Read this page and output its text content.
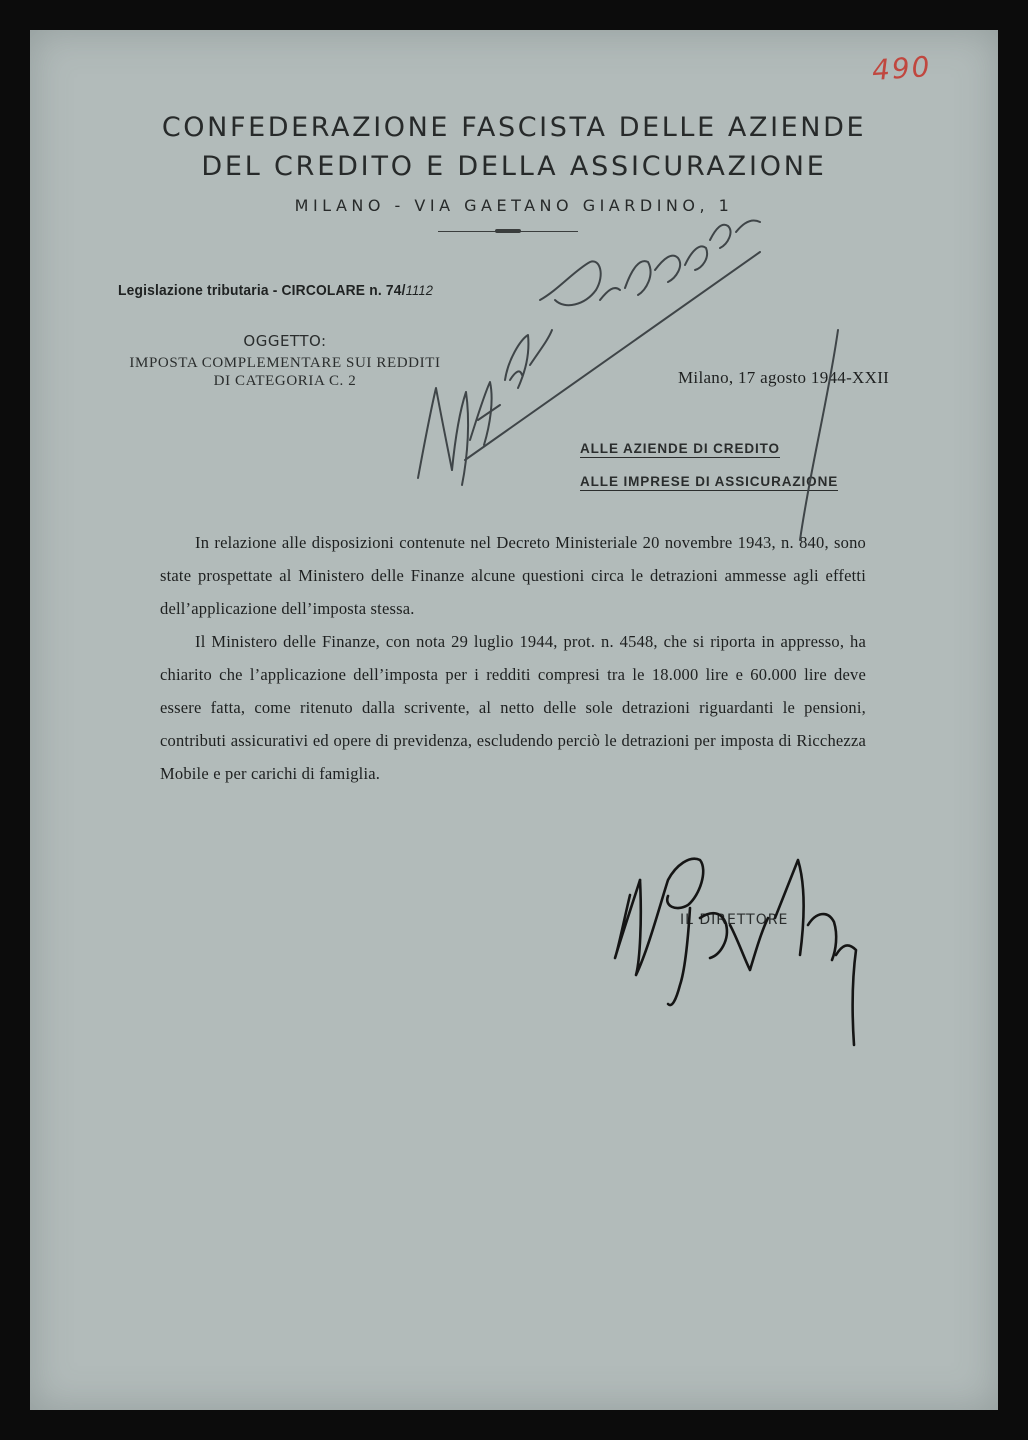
490
CONFEDERAZIONE FASCISTA DELLE AZIENDE
DEL CREDITO E DELLA ASSICURAZIONE
MILANO - VIA GAETANO GIARDINO, 1
Legislazione tributaria - CIRCOLARE n. 74/1112
OGGETTO:
IMPOSTA COMPLEMENTARE SUI REDDITI
DI CATEGORIA C. 2	Milano, 17 agosto 1944-XXII
ALLE AZIENDE DI CREDITO
ALLE IMPRESE DI ASSICURAZIONE

In relazione alle disposizioni contenute nel Decreto Ministeriale 20 novembre 1943, n. 840, sono state prospettate al Ministero delle Finanze alcune questioni circa le detrazioni ammesse agli effetti dell’applicazione dell’imposta stessa.

Il Ministero delle Finanze, con nota 29 luglio 1944, prot. n. 4548, che si riporta in appresso, ha chiarito che l’applicazione dell’imposta per i redditi compresi tra le 18.000 lire e 60.000 lire deve essere fatta, come ritenuto dalla scrivente, al netto delle sole detrazioni riguardanti le pensioni, contributi assicurativi ed opere di previdenza, escludendo perciò le detrazioni per imposta di Ricchezza Mobile e per carichi di famiglia.

IL DIRETTORE
